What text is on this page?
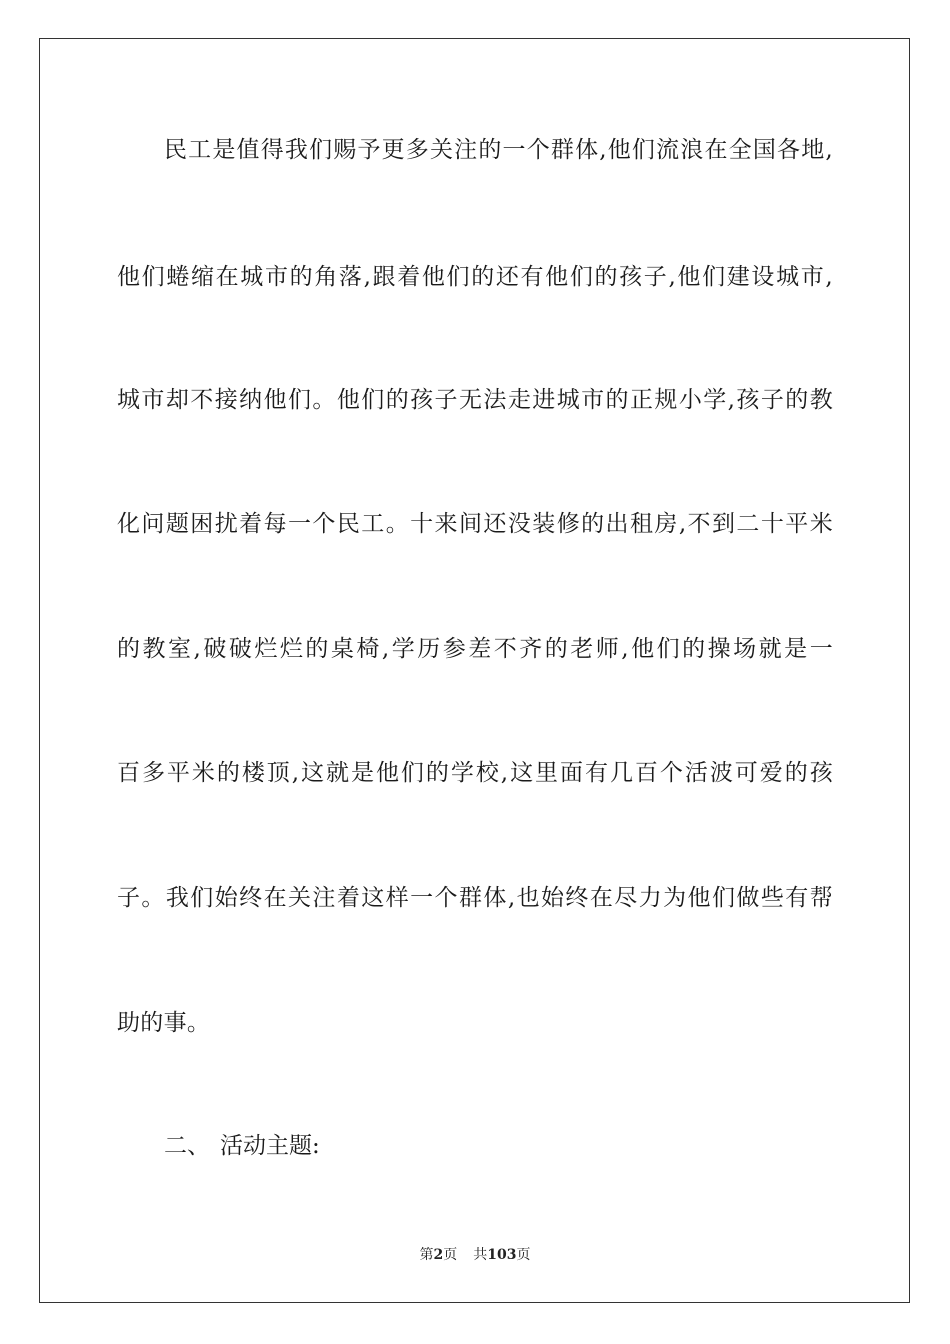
民工是值得我们赐予更多关注的一个群体,他们流浪在全国各地,
他们蜷缩在城市的角落,跟着他们的还有他们的孩子,他们建设城市,
城市却不接纳他们。他们的孩子无法走进城市的正规小学,孩子的教
化问题困扰着每一个民工。十来间还没装修的出租房,不到二十平米
的教室,破破烂烂的桌椅,学历参差不齐的老师,他们的操场就是一
百多平米的楼顶,这就是他们的学校,这里面有几百个活波可爱的孩
子。我们始终在关注着这样一个群体,也始终在尽力为他们做些有帮
助的事。
二、 活动主题:
第2页 共103页
